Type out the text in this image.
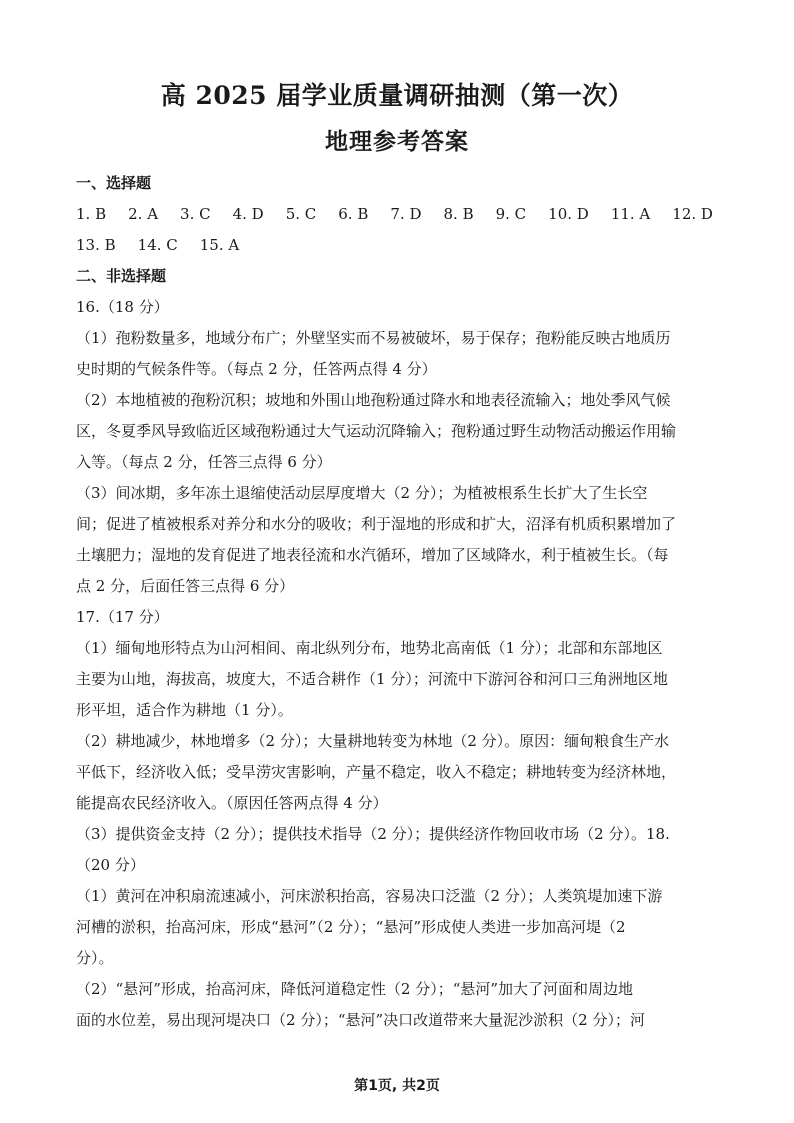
高 2025 届学业质量调研抽测（第一次）
地理参考答案
一、选择题
1. B 2. A 3. C 4. D 5. C 6. B 7. D 8. B 9. C 10. D 11. A 12. D
13. B 14. C 15. A
二、非选择题
16.（18 分）
（1）孢粉数量多，地域分布广；外壁坚实而不易被破坏，易于保存；孢粉能反映古地质历
史时期的气候条件等。（每点 2 分，任答两点得 4 分）
（2）本地植被的孢粉沉积；坡地和外围山地孢粉通过降水和地表径流输入；地处季风气候
区，冬夏季风导致临近区域孢粉通过大气运动沉降输入；孢粉通过野生动物活动搬运作用输
入等。（每点 2 分，任答三点得 6 分）
（3）间冰期，多年冻土退缩使活动层厚度增大（2 分）；为植被根系生长扩大了生长空
间；促进了植被根系对养分和水分的吸收；利于湿地的形成和扩大，沼泽有机质积累增加了
土壤肥力；湿地的发育促进了地表径流和水汽循环，增加了区域降水，利于植被生长。（每
点 2 分，后面任答三点得 6 分）
17.（17 分）
（1）缅甸地形特点为山河相间、南北纵列分布，地势北高南低（1 分）；北部和东部地区
主要为山地，海拔高，坡度大，不适合耕作（1 分）；河流中下游河谷和河口三角洲地区地
形平坦，适合作为耕地（1 分）。
（2）耕地减少，林地增多（2 分）；大量耕地转变为林地（2 分）。原因：缅甸粮食生产水
平低下，经济收入低；受旱涝灾害影响，产量不稳定，收入不稳定；耕地转变为经济林地，
能提高农民经济收入。（原因任答两点得 4 分）
（3）提供资金支持（2 分）；提供技术指导（2 分）；提供经济作物回收市场（2 分）。18.
（20 分）
（1）黄河在冲积扇流速减小，河床淤积抬高，容易决口泛滥（2 分）；人类筑堤加速下游
河槽的淤积，抬高河床，形成“悬河”（2 分）；“悬河”形成使人类进一步加高河堤（2
分）。
（2）“悬河”形成，抬高河床，降低河道稳定性（2 分）；“悬河”加大了河面和周边地
面的水位差，易出现河堤决口（2 分）；“悬河”决口改道带来大量泥沙淤积（2 分）；河
第1页, 共2页
